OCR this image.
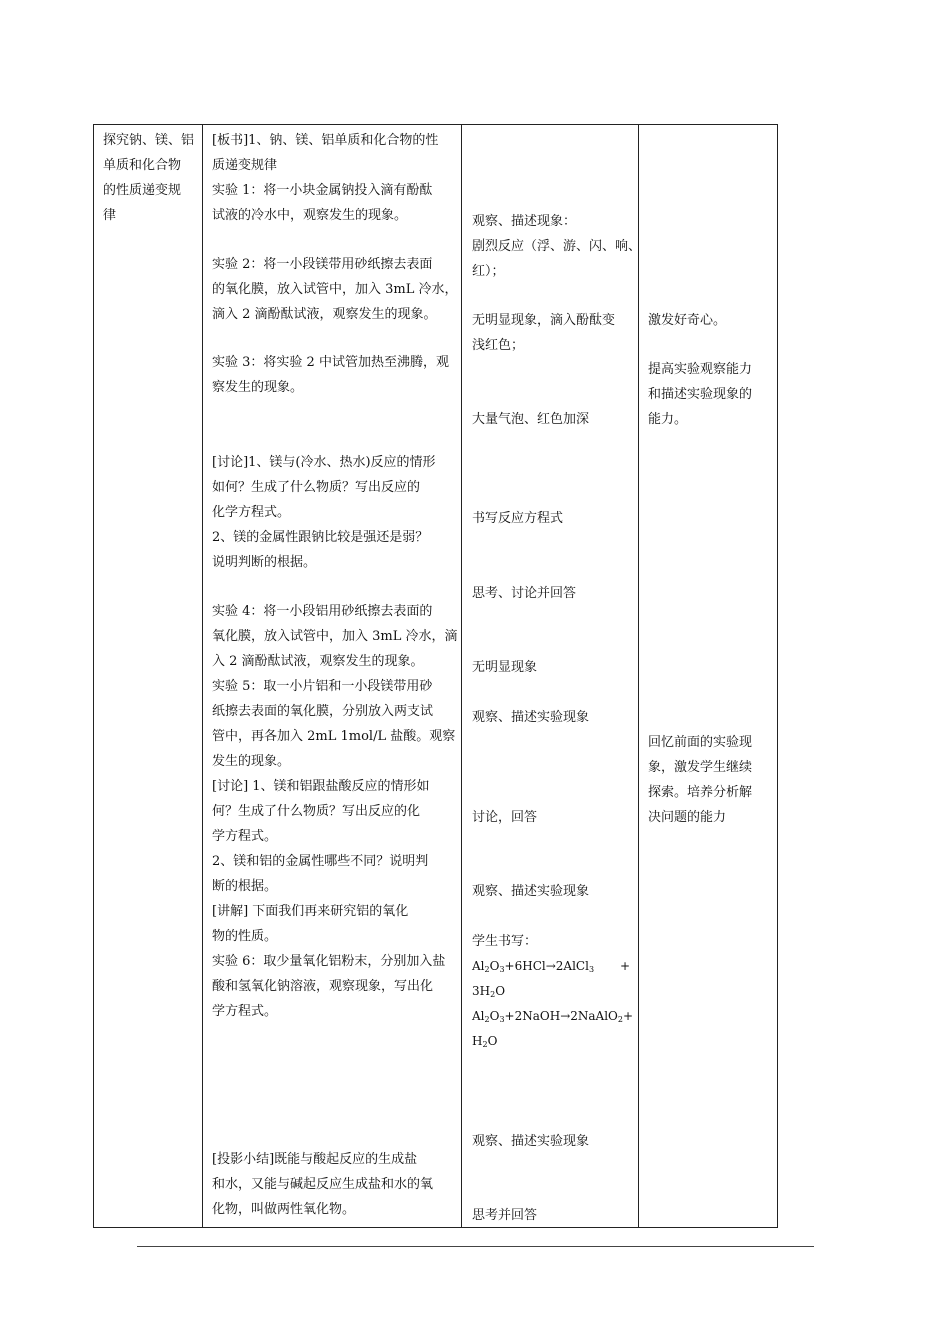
探究钠、镁、铝
单质和化合物
的性质递变规
律
[板书]1、钠、镁、铝单质和化合物的性
质递变规律
实验 1：将一小块金属钠投入滴有酚酞
试液的冷水中，观察发生的现象。
实验 2：将一小段镁带用砂纸擦去表面
的氧化膜，放入试管中，加入 3mL 冷水，
滴入 2 滴酚酞试液，观察发生的现象。
实验 3：将实验 2 中试管加热至沸腾，观
察发生的现象。
[讨论]1、镁与(冷水、热水)反应的情形
如何？生成了什么物质？写出反应的
化学方程式。
2、镁的金属性跟钠比较是强还是弱？
说明判断的根据。
实验 4：将一小段铝用砂纸擦去表面的
氧化膜，放入试管中，加入 3mL 冷水，滴
入 2 滴酚酞试液，观察发生的现象。
实验 5：取一小片铝和一小段镁带用砂
纸擦去表面的氧化膜，分别放入两支试
管中，再各加入 2mL 1mol/L 盐酸。观察
发生的现象。
[讨论] 1、镁和铝跟盐酸反应的情形如
何？生成了什么物质？写出反应的化
学方程式。
2、镁和铝的金属性哪些不同？说明判
断的根据。
[讲解] 下面我们再来研究铝的氧化
物的性质。
实验 6：取少量氧化铝粉末，分别加入盐
酸和氢氧化钠溶液，观察现象，写出化
学方程式。
[投影小结]既能与酸起反应的生成盐
和水，又能与碱起反应生成盐和水的氧
化物，叫做两性氧化物。
$Al_2O_3+6HCl\to 2AlCl_3$ +
$3H_2O$
$Al_2O_3+2NaOH\to 2NaAlO_2$ +
$H_2O$
观察、描述现象：
剧烈反应（浮、游、闪、响、
红）；
无明显现象，滴入酚酞变
浅红色；
大量气泡、红色加深
书写反应方程式
思考、讨论并回答
无明显现象
观察、描述实验现象
讨论，回答
观察、描述实验现象
学生书写：
观察、描述实验现象
思考并回答
激发好奇心。
提高实验观察能力
和描述实验现象的
能力。
回忆前面的实验现
象，激发学生继续
探索。培养分析解
决问题的能力
